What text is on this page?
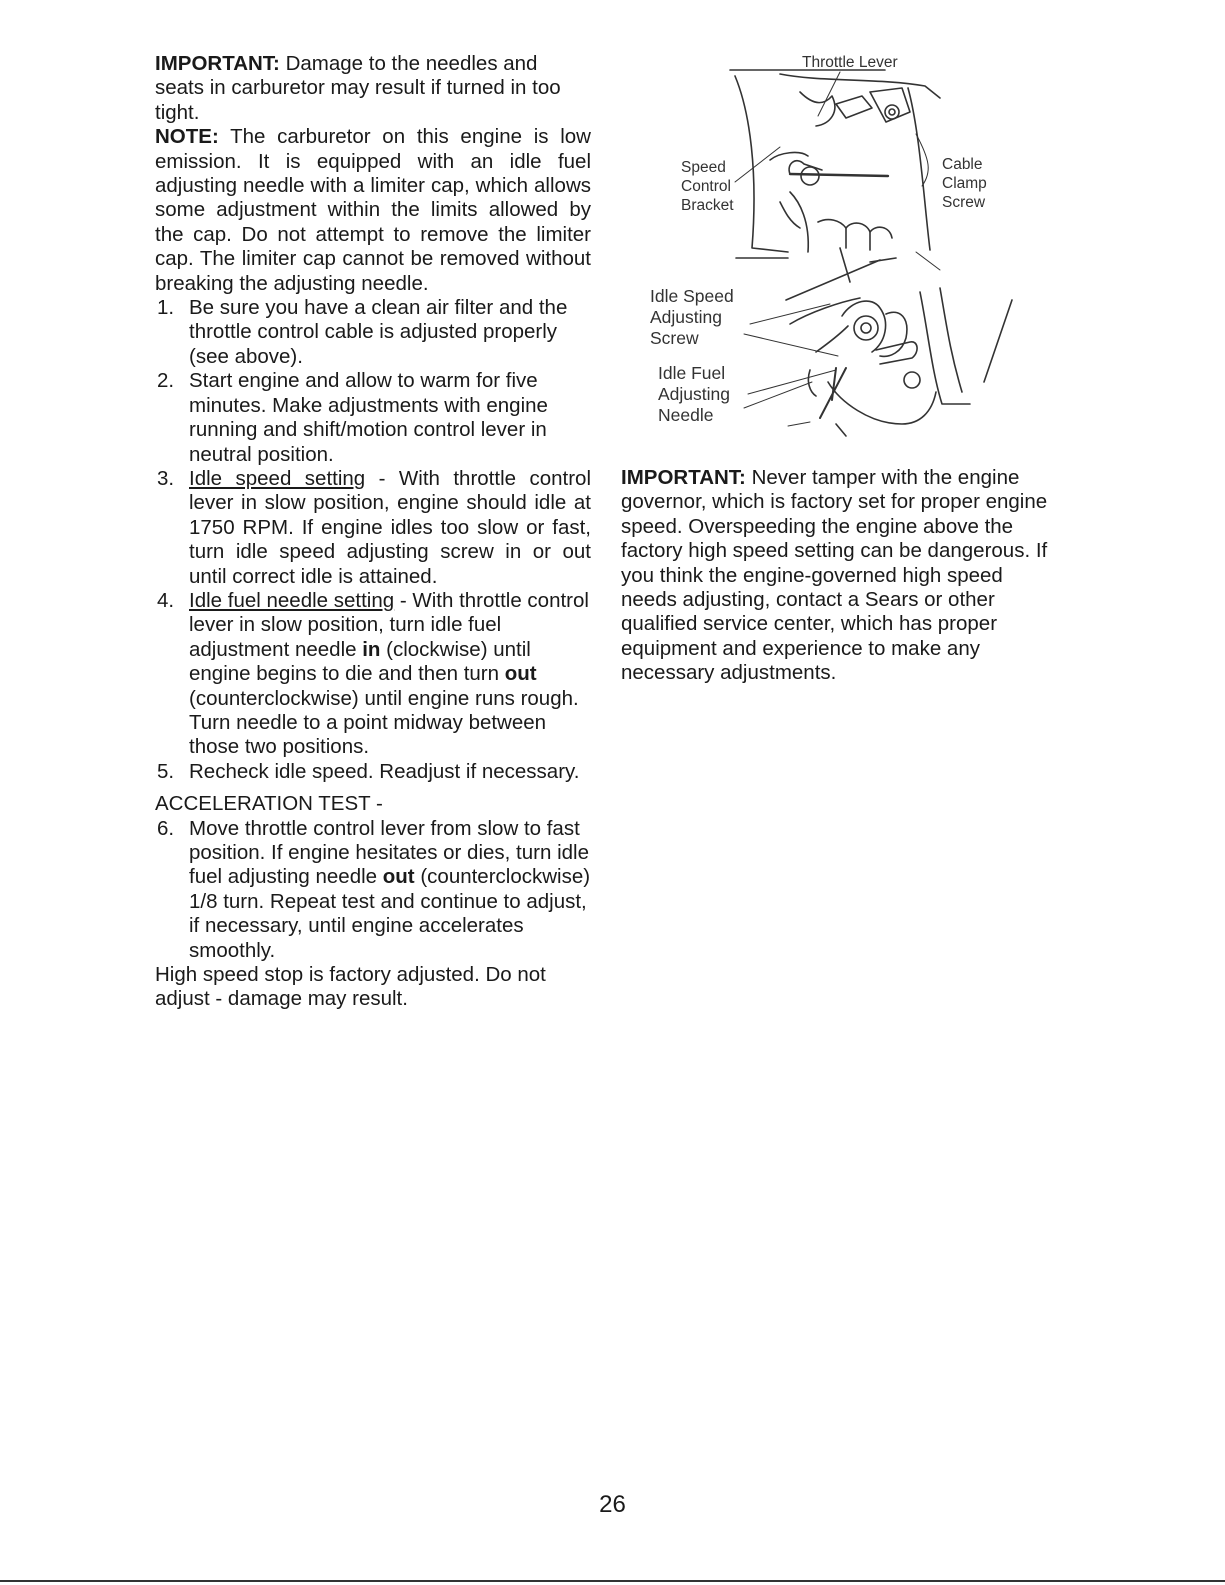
IMPORTANT: Damage to the needles and seats in carburetor may result if turned in too tight.

NOTE: The carburetor on this engine is low emission. It is equipped with an idle fuel adjusting needle with a limiter cap, which allows some adjustment within the limits allowed by the cap. Do not attempt to remove the limiter cap. The limiter cap cannot be removed without breaking the adjusting needle.

1. Be sure you have a clean air filter and the throttle control cable is adjusted properly (see above).
2. Start engine and allow to warm for five minutes. Make adjustments with engine running and shift/motion control lever in neutral position.
3. Idle speed setting - With throttle control lever in slow position, engine should idle at 1750 RPM. If engine idles too slow or fast, turn idle speed adjusting screw in or out until correct idle is attained.
4. Idle fuel needle setting - With throttle control lever in slow position, turn idle fuel adjustment needle in (clockwise) until engine begins to die and then turn out (counterclockwise) until engine runs rough. Turn needle to a point midway between those two positions.
5. Recheck idle speed. Readjust if necessary.

ACCELERATION TEST -

6. Move throttle control lever from slow to fast position. If engine hesitates or dies, turn idle fuel adjusting needle out (counterclockwise) 1/8 turn. Repeat test and continue to adjust, if necessary, until engine accelerates smoothly.

High speed stop is factory adjusted. Do not adjust - damage may result.

Throttle Lever
Speed
Control
Bracket
Cable
Clamp
Screw
Idle Speed
Adjusting
Screw
Idle Fuel
Adjusting
Needle

IMPORTANT: Never tamper with the engine governor, which is factory set for proper engine speed. Overspeeding the engine above the factory high speed setting can be dangerous. If you think the engine-governed high speed needs adjusting, contact a Sears or other qualified service center, which has proper equipment and experience to make any necessary adjustments.

26
